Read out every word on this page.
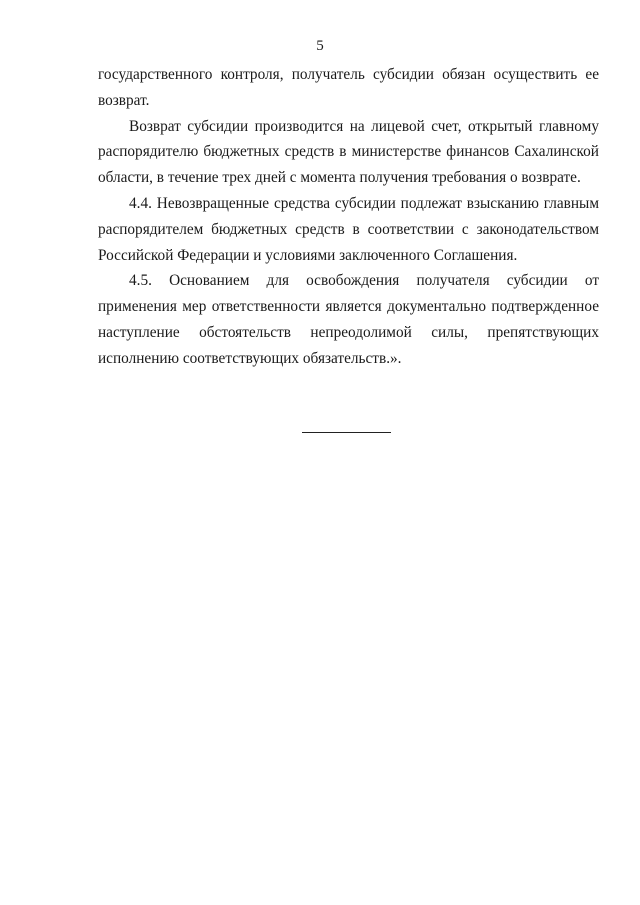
5

государственного контроля, получатель субсидии обязан осуществить ее возврат.

Возврат субсидии производится на лицевой счет, открытый главному распорядителю бюджетных средств в министерстве финансов Сахалинской области, в течение трех дней с момента получения требования о возврате.

4.4. Невозвращенные средства субсидии подлежат взысканию главным распорядителем бюджетных средств в соответствии с законодательством Российской Федерации и условиями заключенного Соглашения.

4.5. Основанием для освобождения получателя субсидии от применения мер ответственности является документально подтвержденное наступление обстоятельств непреодолимой силы, препятствующих исполнению соответствующих обязательств.».
